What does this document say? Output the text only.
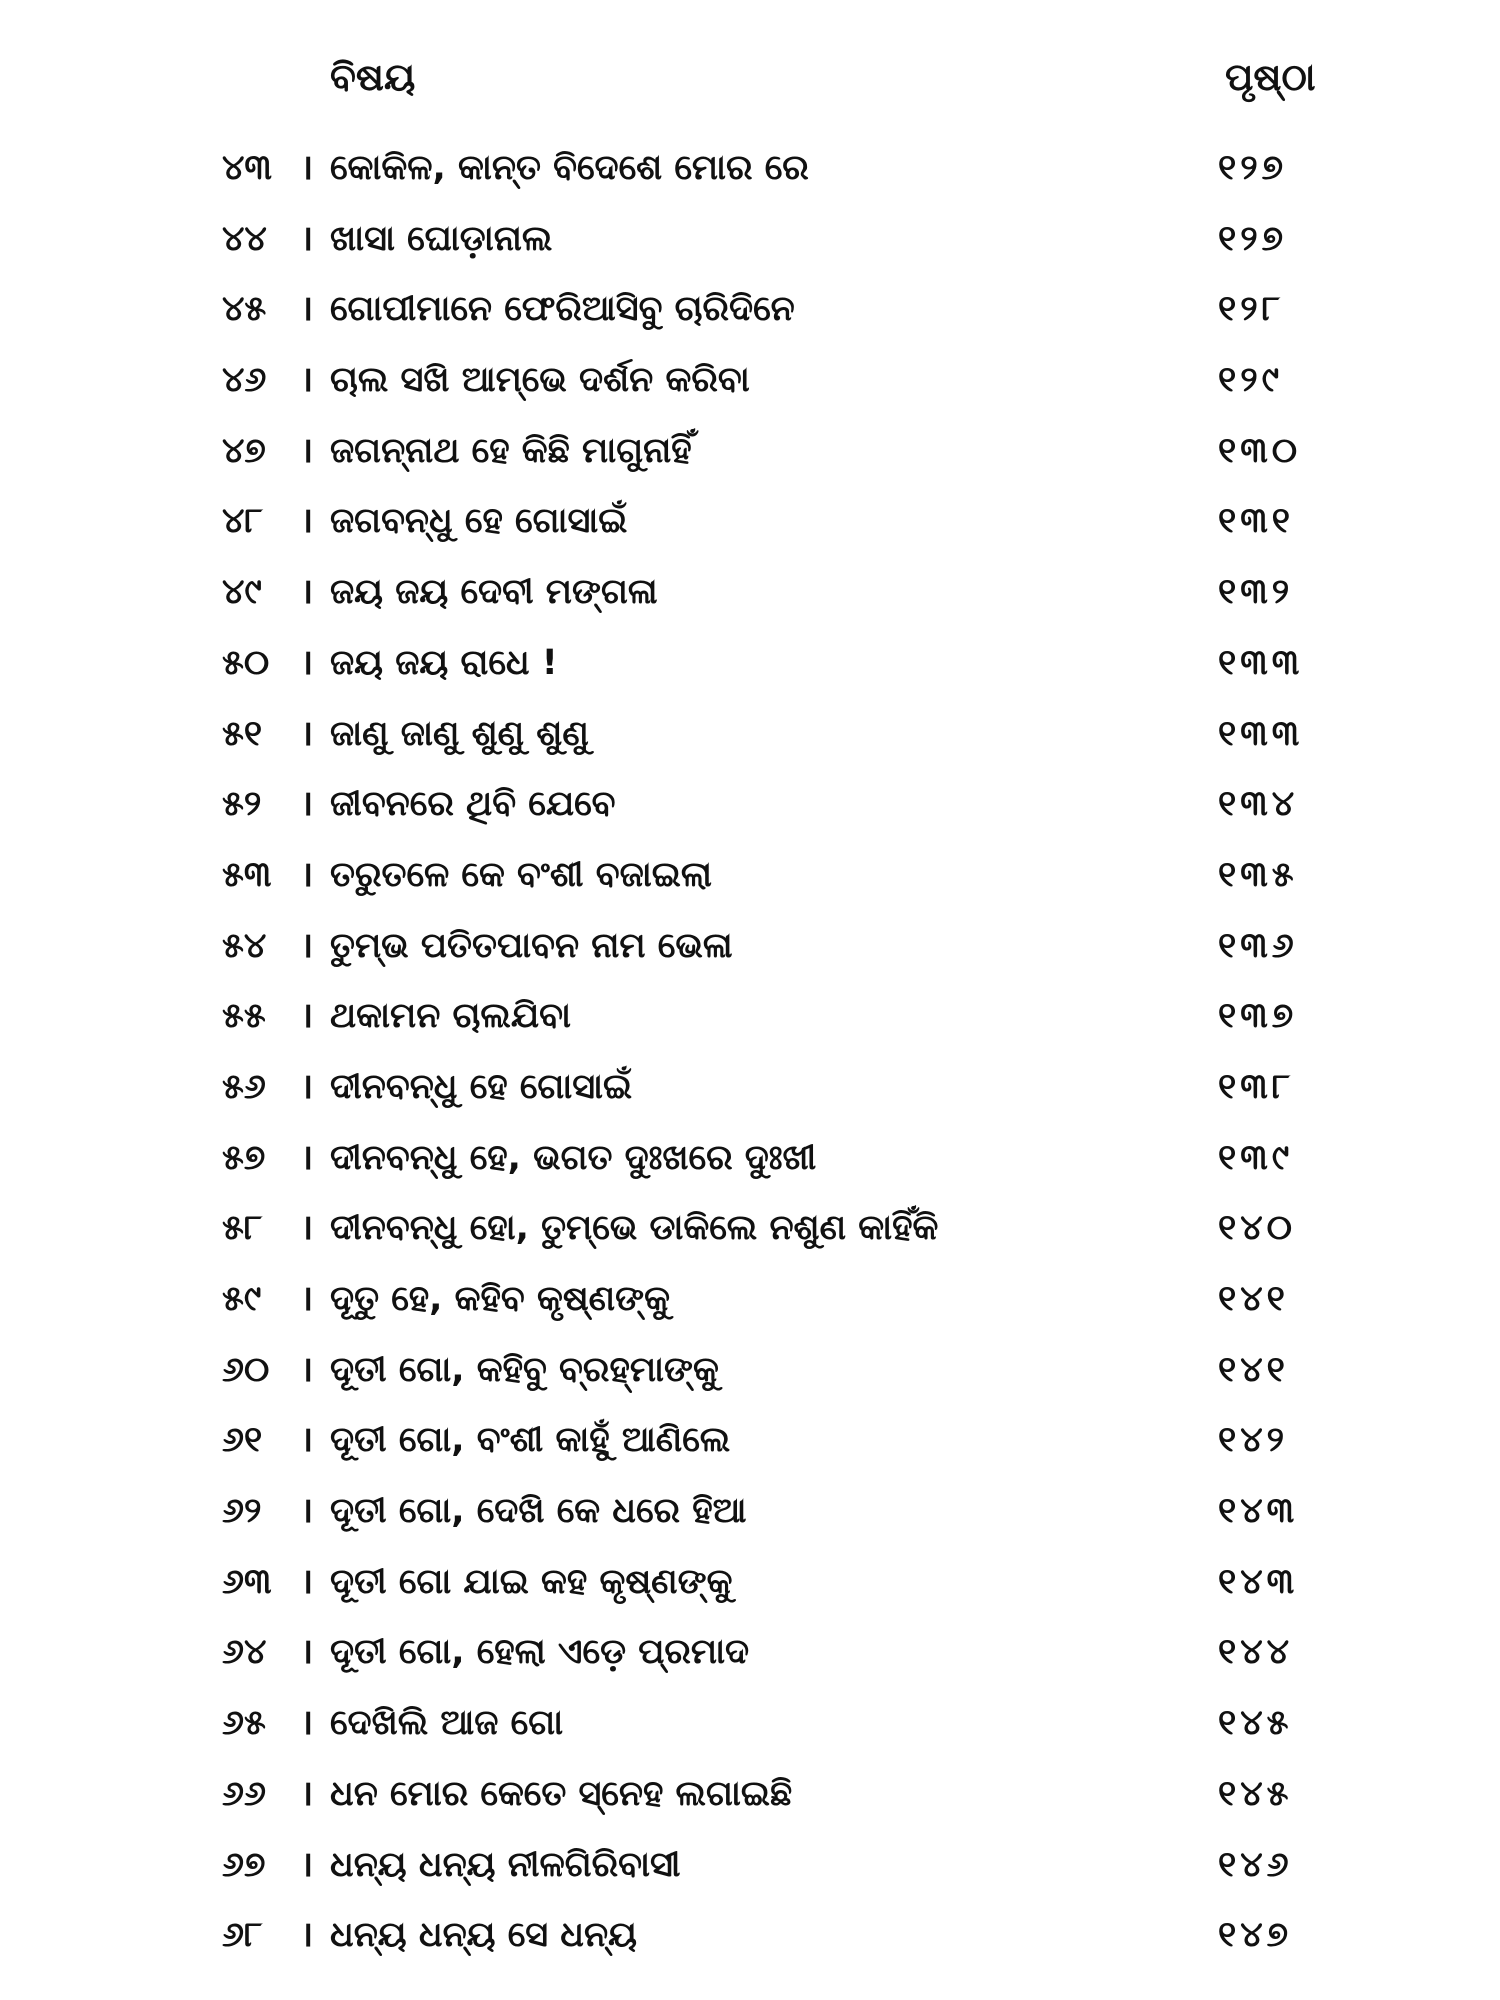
ବିଷୟ	ପୃଷ୍ଠା
୪୩ । କୋକିଳ, କାନ୍ତ ବିଦେଶେ ମୋର ରେ	୧୨୭
୪୪ । ଖାସା ଘୋଡ଼ାନାଲ	୧୨୭
୪୫ । ଗୋପୀମାନେ ଫେରିଆସିବୁ ଚାରିଦିନେ	୧୨୮
୪୬ । ଚାଲ ସଖି ଆମ୍ଭେ ଦର୍ଶନ କରିବା	୧୨୯
୪୭ । ଜଗନ୍ନାଥ ହେ କିଛି ମାଗୁନାହିଁ	୧୩୦
୪୮ । ଜଗବନ୍ଧୁ ହେ ଗୋସାଇଁ	୧୩୧
୪୯ । ଜୟ ଜୟ ଦେବୀ ମଙ୍ଗଳା	୧୩୨
୫୦ । ଜୟ ଜୟ ରାଧେ !	୧୩୩
୫୧ । ଜାଣୁ ଜାଣୁ ଶୁଣୁ ଶୁଣୁ	୧୩୩
୫୨ । ଜୀବନରେ ଥିବି ଯେବେ	୧୩୪
୫୩ । ତରୁତଳେ କେ ବଂଶୀ ବଜାଇଲା	୧୩୫
୫୪ । ତୁମ୍ଭ ପତିତପାବନ ନାମ ଭେଳା	୧୩୬
୫୫ । ଥକାମନ ଚାଲଯିବା	୧୩୭
୫୬ । ଦୀନବନ୍ଧୁ ହେ ଗୋସାଇଁ	୧୩୮
୫୭ । ଦୀନବନ୍ଧୁ ହେ, ଭଗତ ଦୁଃଖରେ ଦୁଃଖୀ	୧୩୯
୫୮ । ଦୀନବନ୍ଧୁ ହୋ, ତୁମ୍ଭେ ଡାକିଲେ ନଶୁଣ କାହିଁକି	୧୪୦
୫୯ । ଦୂତୁ ହେ, କହିବ କୃଷ୍ଣଙ୍କୁ	୧୪୧
୬୦ । ଦୂତୀ ଗୋ, କହିବୁ ବ୍ରହ୍ମାଙ୍କୁ	୧୪୧
୬୧ । ଦୂତୀ ଗୋ, ବଂଶୀ କାହୁଁ ଆଣିଲେ	୧୪୨
୬୨ । ଦୂତୀ ଗୋ, ଦେଖି କେ ଧରେ ହିଆ	୧୪୩
୬୩ । ଦୂତୀ ଗୋ ଯାଇ କହ କୃଷ୍ଣଙ୍କୁ	୧୪୩
୬୪ । ଦୂତୀ ଗୋ, ହେଲା ଏଡ଼େ ପ୍ରମାଦ	୧୪୪
୬୫ । ଦେଖିଲି ଆଜ ଗୋ	୧୪୫
୬୬ । ଧନ ମୋର କେତେ ସ୍ନେହ ଲଗାଇଛି	୧୪୫
୬୭ । ଧନ୍ୟ ଧନ୍ୟ ନୀଳଗିରିବାସୀ	୧୪୬
୬୮ । ଧନ୍ୟ ଧନ୍ୟ ସେ ଧନ୍ୟ	୧୪୭
